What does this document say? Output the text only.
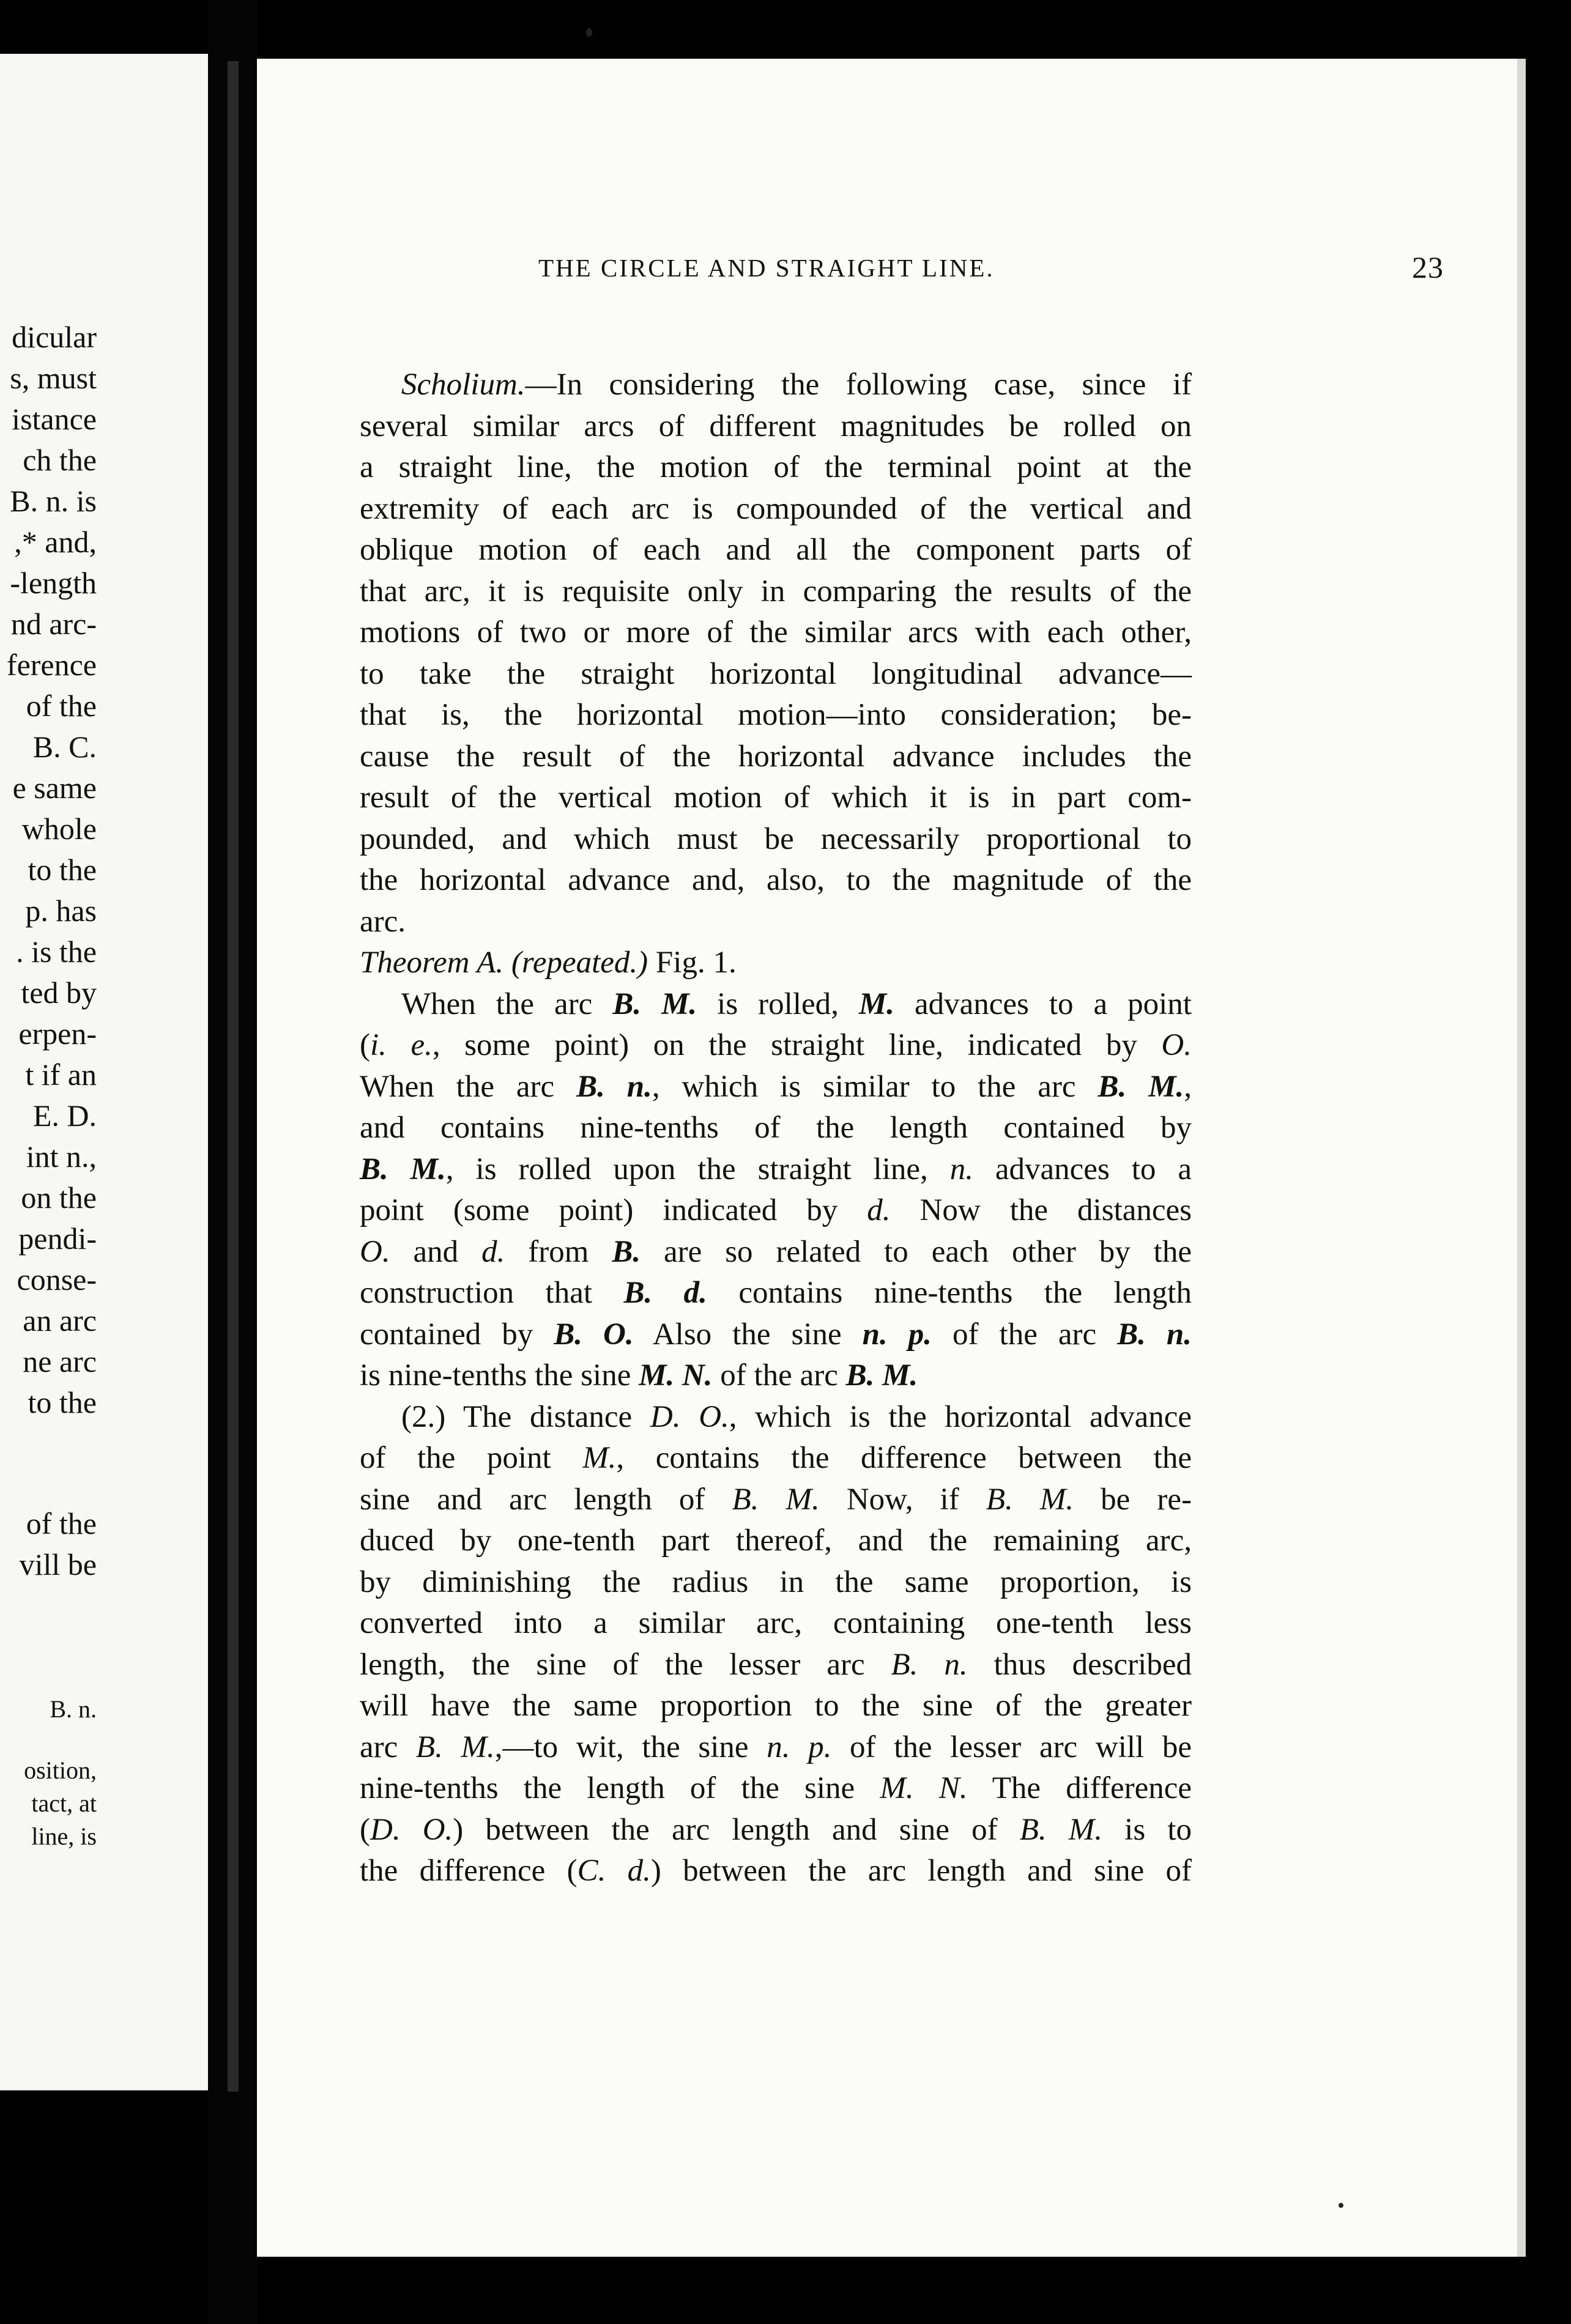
dicular
s, must
istance
ch the
B. n. is
,* and,
-length
nd arc-
ference
of the
B. C.
e same
whole
to the
p. has
. is the
ted by
erpen-
t if an
E. D.
int n.,
on the
pendi-
conse-
an arc
ne arc
to the
of the
vill be
B. n.
osition,
tact, at
line, is
THE CIRCLE AND STRAIGHT LINE.	23
Scholium.—In considering the following case, since if
several similar arcs of different magnitudes be rolled on
a straight line, the motion of the terminal point at the
extremity of each arc is compounded of the vertical and
oblique motion of each and all the component parts of
that arc, it is requisite only in comparing the results of the
motions of two or more of the similar arcs with each other,
to take the straight horizontal longitudinal advance—
that is, the horizontal motion—into consideration; be-
cause the result of the horizontal advance includes the
result of the vertical motion of which it is in part com-
pounded, and which must be necessarily proportional to
the horizontal advance and, also, to the magnitude of the
arc.
Theorem A. (repeated.) Fig. 1.
When the arc B. M. is rolled, M. advances to a point
(i. e., some point) on the straight line, indicated by O.
When the arc B. n., which is similar to the arc B. M.,
and contains nine-tenths of the length contained by
B. M., is rolled upon the straight line, n. advances to a
point (some point) indicated by d. Now the distances
O. and d. from B. are so related to each other by the
construction that B. d. contains nine-tenths the length
contained by B. O. Also the sine n. p. of the arc B. n.
is nine-tenths the sine M. N. of the arc B. M.
(2.) The distance D. O., which is the horizontal advance
of the point M., contains the difference between the
sine and arc length of B. M. Now, if B. M. be re-
duced by one-tenth part thereof, and the remaining arc,
by diminishing the radius in the same proportion, is
converted into a similar arc, containing one-tenth less
length, the sine of the lesser arc B. n. thus described
will have the same proportion to the sine of the greater
arc B. M.,—to wit, the sine n. p. of the lesser arc will be
nine-tenths the length of the sine M. N. The difference
(D. O.) between the arc length and sine of B. M. is to
the difference (C. d.) between the arc length and sine of
